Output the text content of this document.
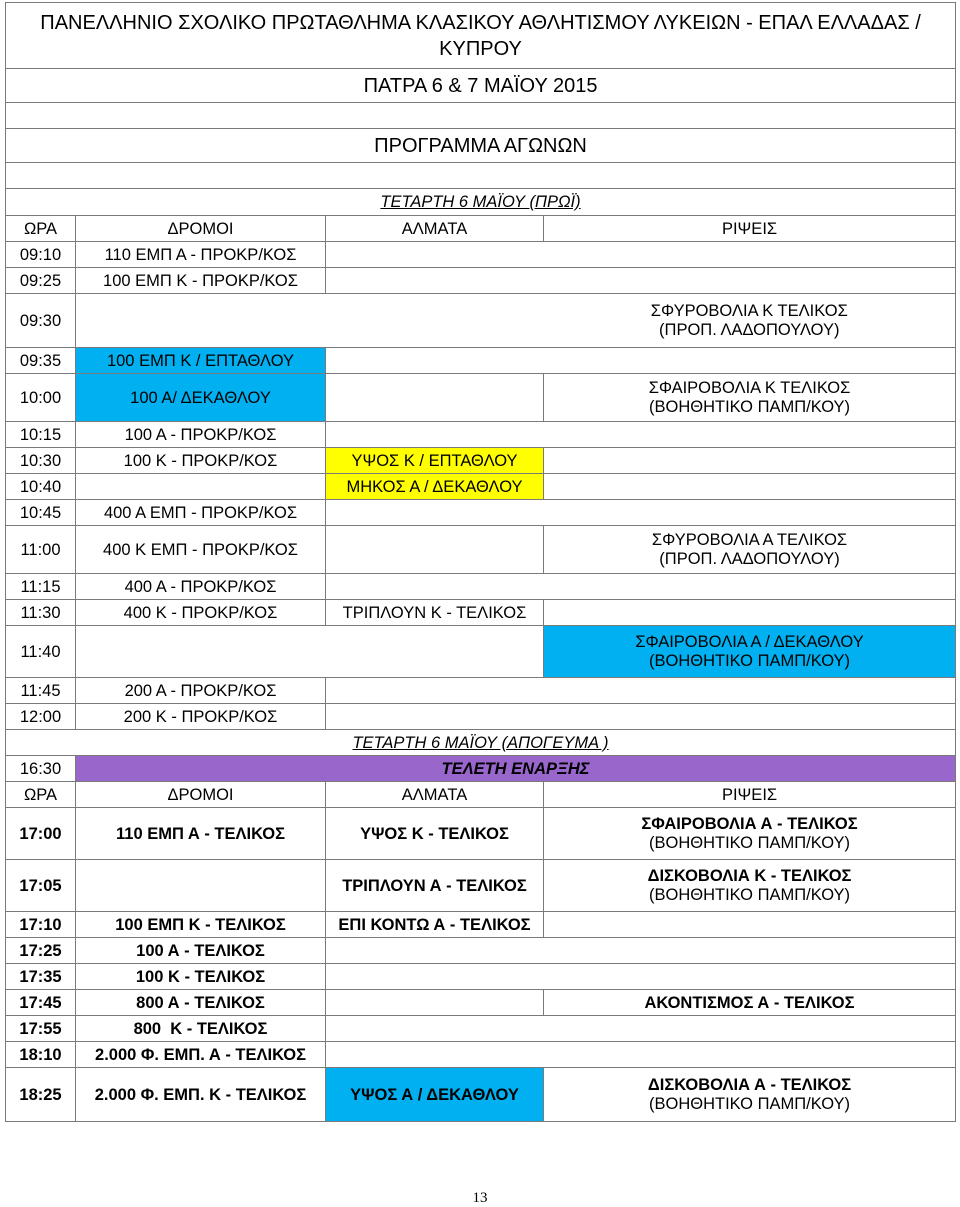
ΠΑΝΕΛΛΗΝΙΟ ΣΧΟΛΙΚΟ ΠΡΩΤΑΘΛΗΜΑ ΚΛΑΣΙΚΟΥ ΑΘΛΗΤΙΣΜΟΥ ΛΥΚΕΙΩΝ - ΕΠΑΛ ΕΛΛΑΔΑΣ /
ΚΥΠΡΟΥ			

ΠΑΤΡΑ 6 & 7 ΜΑΪΟΥ 2015			

ΠΡΟΓΡΑΜΜΑ ΑΓΩΝΩΝ			

ΤΕΤΑΡΤΗ 6 ΜΑΪΟΥ (ΠΡΩΪ)			
ΩΡΑ	ΔΡΟΜΟΙ	ΑΛΜΑΤΑ	ΡΙΨΕΙΣ
09:10	110 ΕΜΠ Α - ΠΡΟΚΡ/ΚΟΣ		
09:25	100 ΕΜΠ Κ - ΠΡΟΚΡ/ΚΟΣ		
09:30			ΣΦΥΡΟΒΟΛΙΑ Κ ΤΕΛΙΚΟΣ
(ΠΡΟΠ. ΛΑΔΟΠΟΥΛΟΥ)

09:35	100 ΕΜΠ Κ / ΕΠΤΑΘΛΟΥ		
10:00	100 Α/ ΔΕΚΑΘΛΟΥ		ΣΦΑΙΡΟΒΟΛΙΑ Κ ΤΕΛΙΚΟΣ
(ΒΟΗΘΗΤΙΚΟ ΠΑΜΠ/ΚΟΥ)

10:15	100 Α - ΠΡΟΚΡ/ΚΟΣ		
10:30	100 Κ - ΠΡΟΚΡ/ΚΟΣ	ΥΨΟΣ Κ / ΕΠΤΑΘΛΟΥ	
10:40		ΜΗΚΟΣ Α / ΔΕΚΑΘΛΟΥ	
10:45	400 Α ΕΜΠ - ΠΡΟΚΡ/ΚΟΣ		
11:00	400 Κ ΕΜΠ - ΠΡΟΚΡ/ΚΟΣ		ΣΦΥΡΟΒΟΛΙΑ Α ΤΕΛΙΚΟΣ
(ΠΡΟΠ. ΛΑΔΟΠΟΥΛΟΥ)

11:15	400 Α - ΠΡΟΚΡ/ΚΟΣ		
11:30	400 Κ - ΠΡΟΚΡ/ΚΟΣ	ΤΡΙΠΛΟΥΝ Κ - ΤΕΛΙΚΟΣ	
11:40			ΣΦΑΙΡΟΒΟΛΙΑ Α / ΔΕΚΑΘΛΟΥ
(ΒΟΗΘΗΤΙΚΟ ΠΑΜΠ/ΚΟΥ)

11:45	200 Α - ΠΡΟΚΡ/ΚΟΣ		
12:00	200 Κ - ΠΡΟΚΡ/ΚΟΣ		
ΤΕΤΑΡΤΗ 6 ΜΑΪΟΥ (ΑΠΟΓΕΥΜΑ )			
16:30	ΤΕΛΕΤΗ ΕΝΑΡΞΗΣ		
ΩΡΑ	ΔΡΟΜΟΙ	ΑΛΜΑΤΑ	ΡΙΨΕΙΣ
17:00	110 ΕΜΠ Α - ΤΕΛΙΚΟΣ	ΥΨΟΣ Κ - ΤΕΛΙΚΟΣ	ΣΦΑΙΡΟΒΟΛΙΑ Α - ΤΕΛΙΚΟΣ
(ΒΟΗΘΗΤΙΚΟ ΠΑΜΠ/ΚΟΥ)

17:05		ΤΡΙΠΛΟΥΝ Α - ΤΕΛΙΚΟΣ	ΔΙΣΚΟΒΟΛΙΑ Κ - ΤΕΛΙΚΟΣ
(ΒΟΗΘΗΤΙΚΟ ΠΑΜΠ/ΚΟΥ)

17:10	100 ΕΜΠ Κ - ΤΕΛΙΚΟΣ	ΕΠΙ ΚΟΝΤΩ Α - ΤΕΛΙΚΟΣ	
17:25	100 Α - ΤΕΛΙΚΟΣ		
17:35	100 Κ - ΤΕΛΙΚΟΣ		
17:45	800 Α - ΤΕΛΙΚΟΣ		ΑΚΟΝΤΙΣΜΟΣ Α - ΤΕΛΙΚΟΣ
17:55	800  Κ - ΤΕΛΙΚΟΣ		
18:10	2.000 Φ. ΕΜΠ. Α - ΤΕΛΙΚΟΣ		
18:25	2.000 Φ. ΕΜΠ. Κ - ΤΕΛΙΚΟΣ	ΥΨΟΣ Α / ΔΕΚΑΘΛΟΥ	ΔΙΣΚΟΒΟΛΙΑ Α - ΤΕΛΙΚΟΣ
(ΒΟΗΘΗΤΙΚΟ ΠΑΜΠ/ΚΟΥ)
13
